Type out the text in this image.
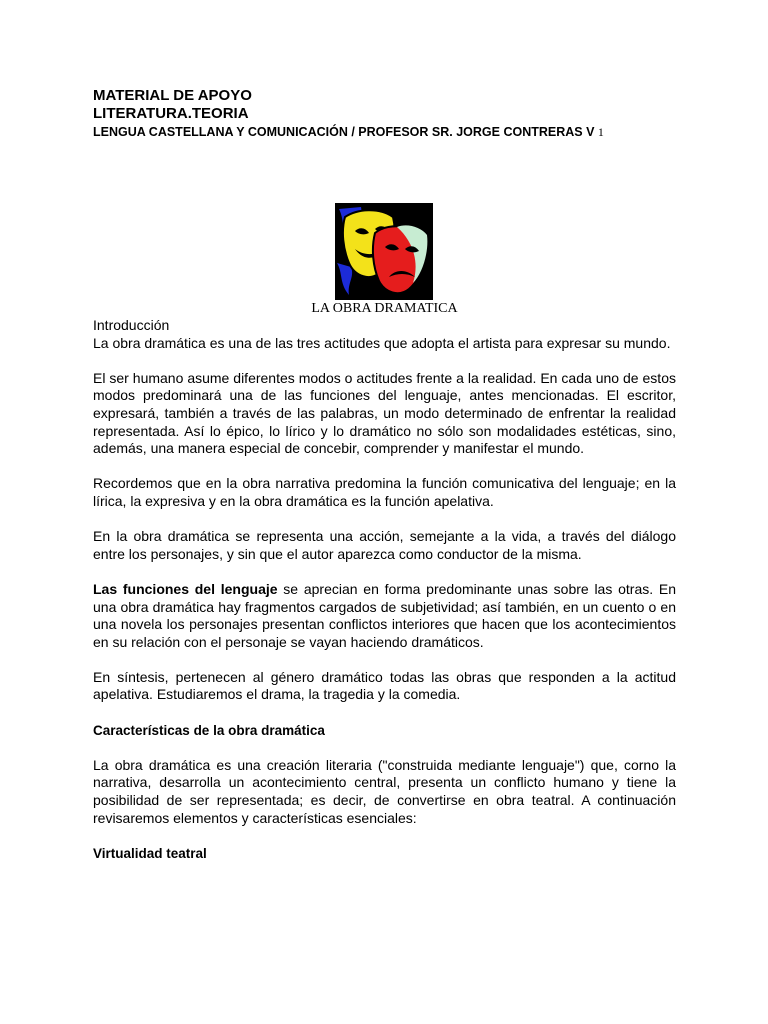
MATERIAL DE APOYO
LITERATURA.TEORIA
LENGUA CASTELLANA Y COMUNICACIÓN / PROFESOR SR. JORGE CONTRERAS V 1
LA OBRA DRAMATICA

Introducción

La obra dramática es una de las tres actitudes que adopta el artista para expresar su mundo.

El ser humano asume diferentes modos o actitudes frente a la realidad. En cada uno de estos modos predominará una de las funciones del lenguaje, antes mencionadas. El escritor, expresará, también a través de las palabras, un modo determinado de enfrentar la realidad representada. Así lo épico, lo lírico y lo dramático no sólo son modalidades estéticas, sino, además, una manera especial de concebir, comprender y manifestar el mundo.

Recordemos que en la obra narrativa predomina la función comunicativa del lenguaje; en la lírica, la expresiva y en la obra dramática es la función apelativa.

En la obra dramática se representa una acción, semejante a la vida, a través del diálogo entre los personajes, y sin que el autor aparezca como conductor de la misma.

Las funciones del lenguaje se aprecian en forma predominante unas sobre las otras. En una obra dramática hay fragmentos cargados de subjetividad; así también, en un cuento o en una novela los personajes presentan conflictos interiores que hacen que los acontecimientos en su relación con el personaje se vayan haciendo dramáticos.

En síntesis, pertenecen al género dramático todas las obras que responden a la actitud apelativa. Estudiaremos el drama, la tragedia y la comedia.

Características de la obra dramática

La obra dramática es una creación literaria ("construida mediante lenguaje") que, corno la narrativa, desarrolla un acontecimiento central, presenta un conflicto humano y tiene la posibilidad de ser representada; es decir, de convertirse en obra teatral. A continuación revisaremos elementos y características esenciales:

Virtualidad teatral
